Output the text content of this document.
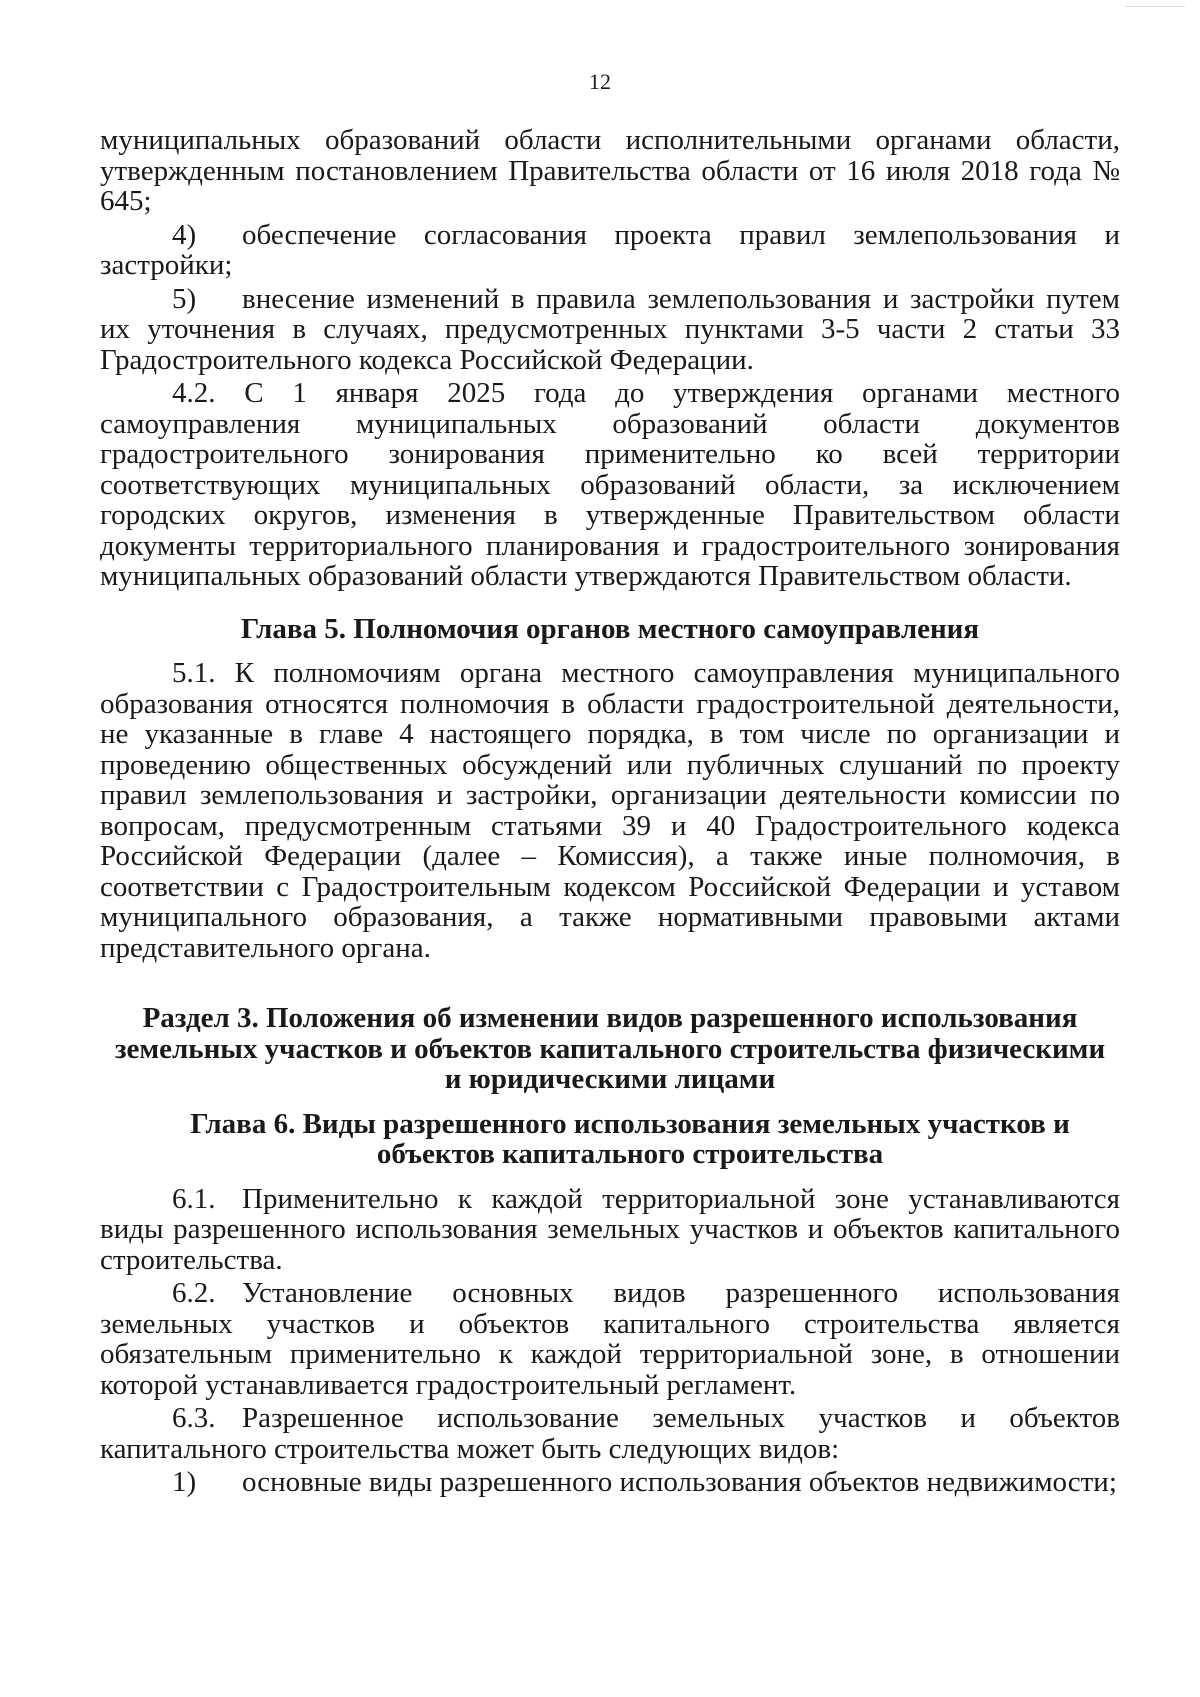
12

муниципальных образований области исполнительными органами области, утвержденным постановлением Правительства области от 16 июля 2018 года № 645;

4) обеспечение согласования проекта правил землепользования и застройки;

5) внесение изменений в правила землепользования и застройки путем их уточнения в случаях, предусмотренных пунктами 3-5 части 2 статьи 33 Градостроительного кодекса Российской Федерации.

4.2. С 1 января 2025 года до утверждения органами местного самоуправления муниципальных образований области документов градостроительного зонирования применительно ко всей территории соответствующих муниципальных образований области, за исключением городских округов, изменения в утвержденные Правительством области документы территориального планирования и градостроительного зонирования муниципальных образований области утверждаются Правительством области.

Глава 5. Полномочия органов местного самоуправления

5.1. К полномочиям органа местного самоуправления муниципального образования относятся полномочия в области градостроительной деятельности, не указанные в главе 4 настоящего порядка, в том числе по организации и проведению общественных обсуждений или публичных слушаний по проекту правил землепользования и застройки, организации деятельности комиссии по вопросам, предусмотренным статьями 39 и 40 Градостроительного кодекса Российской Федерации (далее – Комиссия), а также иные полномочия, в соответствии с Градостроительным кодексом Российской Федерации и уставом муниципального образования, а также нормативными правовыми актами представительного органа.

Раздел 3. Положения об изменении видов разрешенного использования земельных участков и объектов капитального строительства физическими и юридическими лицами

Глава 6. Виды разрешенного использования земельных участков и объектов капитального строительства

6.1. Применительно к каждой территориальной зоне устанавливаются виды разрешенного использования земельных участков и объектов капитального строительства.

6.2. Установление основных видов разрешенного использования земельных участков и объектов капитального строительства является обязательным применительно к каждой территориальной зоне, в отношении которой устанавливается градостроительный регламент.

6.3. Разрешенное использование земельных участков и объектов капитального строительства может быть следующих видов:

1) основные виды разрешенного использования объектов недвижимости;
